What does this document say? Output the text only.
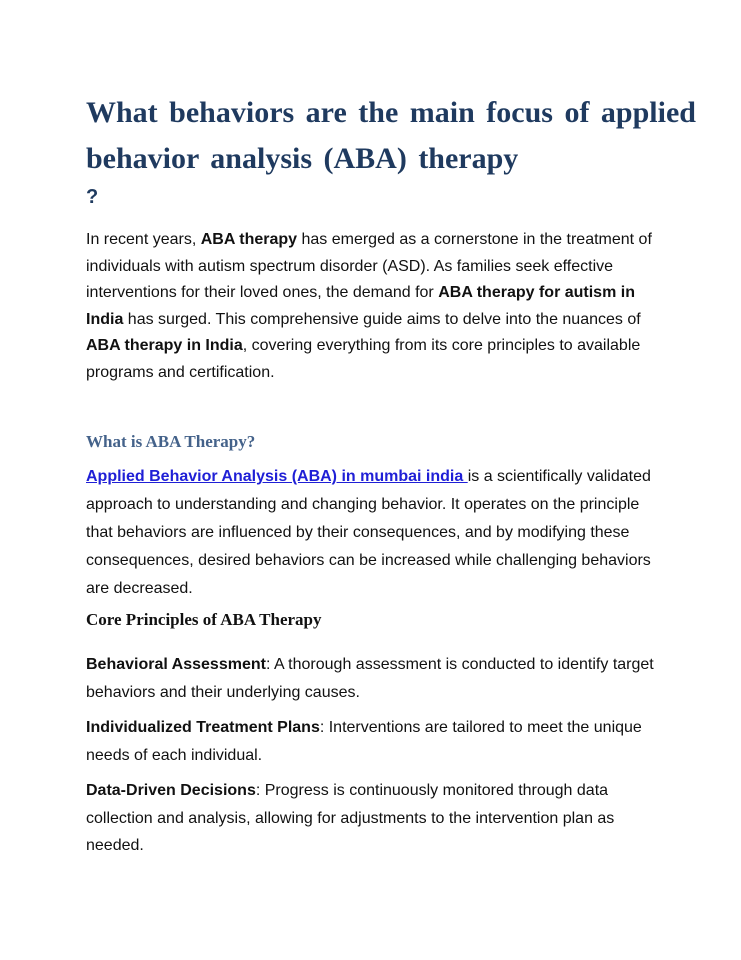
What behaviors are the main focus of applied behavior analysis (ABA) therapy
?

In recent years, ABA therapy has emerged as a cornerstone in the treatment of individuals with autism spectrum disorder (ASD). As families seek effective interventions for their loved ones, the demand for ABA therapy for autism in India has surged. This comprehensive guide aims to delve into the nuances of ABA therapy in India, covering everything from its core principles to available programs and certification.

What is ABA Therapy?

Applied Behavior Analysis (ABA) in mumbai india is a scientifically validated approach to understanding and changing behavior. It operates on the principle that behaviors are influenced by their consequences, and by modifying these consequences, desired behaviors can be increased while challenging behaviors are decreased.

Core Principles of ABA Therapy

Behavioral Assessment: A thorough assessment is conducted to identify target behaviors and their underlying causes.

Individualized Treatment Plans: Interventions are tailored to meet the unique needs of each individual.

Data-Driven Decisions: Progress is continuously monitored through data collection and analysis, allowing for adjustments to the intervention plan as needed.
